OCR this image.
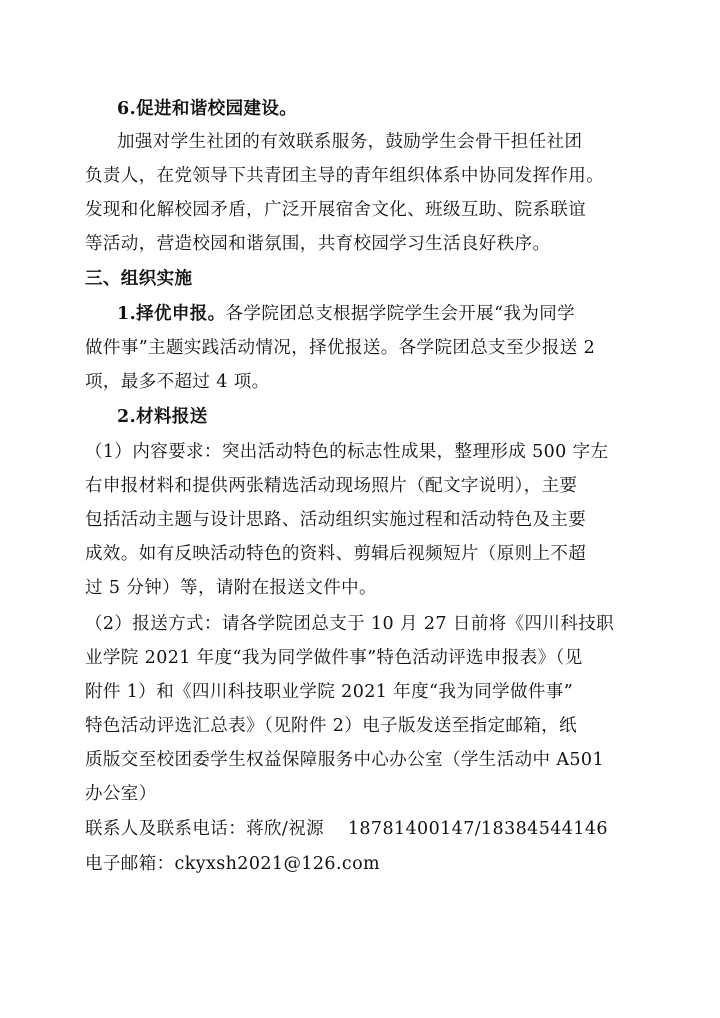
6.促进和谐校园建设。
加强对学生社团的有效联系服务，鼓励学生会骨干担任社团
负责人，在党领导下共青团主导的青年组织体系中协同发挥作用。
发现和化解校园矛盾，广泛开展宿舍文化、班级互助、院系联谊
等活动，营造校园和谐氛围，共育校园学习生活良好秩序。
三、组织实施
1.择优申报。各学院团总支根据学院学生会开展“我为同学
做件事”主题实践活动情况，择优报送。各学院团总支至少报送 2
项，最多不超过 4 项。
2.材料报送
（1）内容要求：突出活动特色的标志性成果，整理形成 500 字左
右申报材料和提供两张精选活动现场照片（配文字说明），主要
包括活动主题与设计思路、活动组织实施过程和活动特色及主要
成效。如有反映活动特色的资料、剪辑后视频短片（原则上不超
过 5 分钟）等，请附在报送文件中。
（2）报送方式：请各学院团总支于 10 月 27 日前将《四川科技职
业学院 2021 年度“我为同学做件事”特色活动评选申报表》（见
附件 1）和《四川科技职业学院 2021 年度“我为同学做件事”
特色活动评选汇总表》（见附件 2）电子版发送至指定邮箱，纸
质版交至校团委学生权益保障服务中心办公室（学生活动中 A501
办公室）
联系人及联系电话：蒋欣/祝源　 18781400147/18384544146
电子邮箱：ckyxsh2021@126.com
